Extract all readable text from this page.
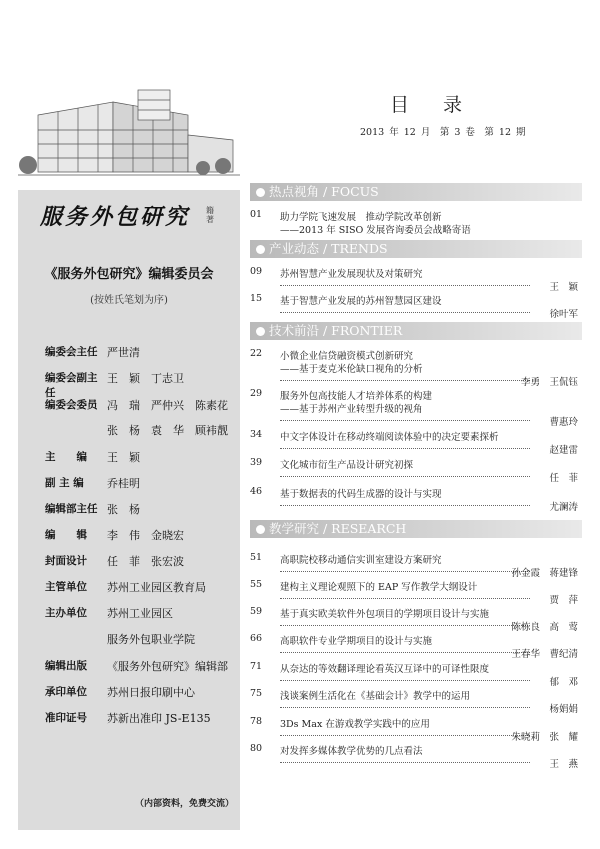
服务外包研究 籍著
《服务外包研究》编辑委员会
(按姓氏笔划为序)
编委会主任 严世清
编委会副主任
王　颖　丁志卫
编委会委员 冯　瑞　严仲兴　陈素花
张　杨　袁　华　顾袆靓
主　　编	王　颖
副 主 编	乔桂明
编辑部主任 张　杨
编　　辑	李　伟　金晓宏
封面设计	任　菲　张宏波
主管单位	苏州工业园区教育局
主办单位	苏州工业园区
服务外包职业学院
编辑出版	《服务外包研究》编辑部
承印单位	苏州日报印刷中心
准印证号	苏新出准印 JS-E135
（内部资料，免费交流）
目 录
2013 年 12 月　第 3 卷　第 12 期
热点视角 / FOCUS
产业动态 / TRENDS
技术前沿 / FRONTIER
教学研究 / RESEARCH
01 助力学院飞速发展　推动学院改革创新
——2013 年 SISO 发展咨询委员会战略寄语
09 苏州智慧产业发展现状及对策研究
王　颖
15 基于智慧产业发展的苏州智慧园区建设
徐叶军
22 小微企业信贷融资模式创新研究
——基于麦克米伦缺口视角的分析
李勇　王侃钰
29 服务外包高技能人才培养体系的构建
——基于苏州产业转型升级的视角
曹惠玲
34 中文字体设计在移动终端阅读体验中的决定要素探析
赵建雷
39 文化城市衍生产品设计研究初探
任　菲
46 基于数据表的代码生成器的设计与实现
尤澜涛
51 高职院校移动通信实训室建设方案研究
孙金霞　蒋建锋
55 建构主义理论观照下的 EAP 写作教学大纲设计
贾　萍
59 基于真实欧美软件外包项目的学期项目设计与实施
陈栋良　高　莺
66 高职软件专业学期项目的设计与实施
王春华　曹纪清
71 从奈达的等效翻译理论看英汉互译中的可译性限度
郁　邓
75 浅谈案例生活化在《基础会计》教学中的运用
杨娟娟
78 3Ds Max 在游戏教学实践中的应用
朱晓莉　张　耀
80 对发挥多媒体教学优势的几点看法
王　燕
